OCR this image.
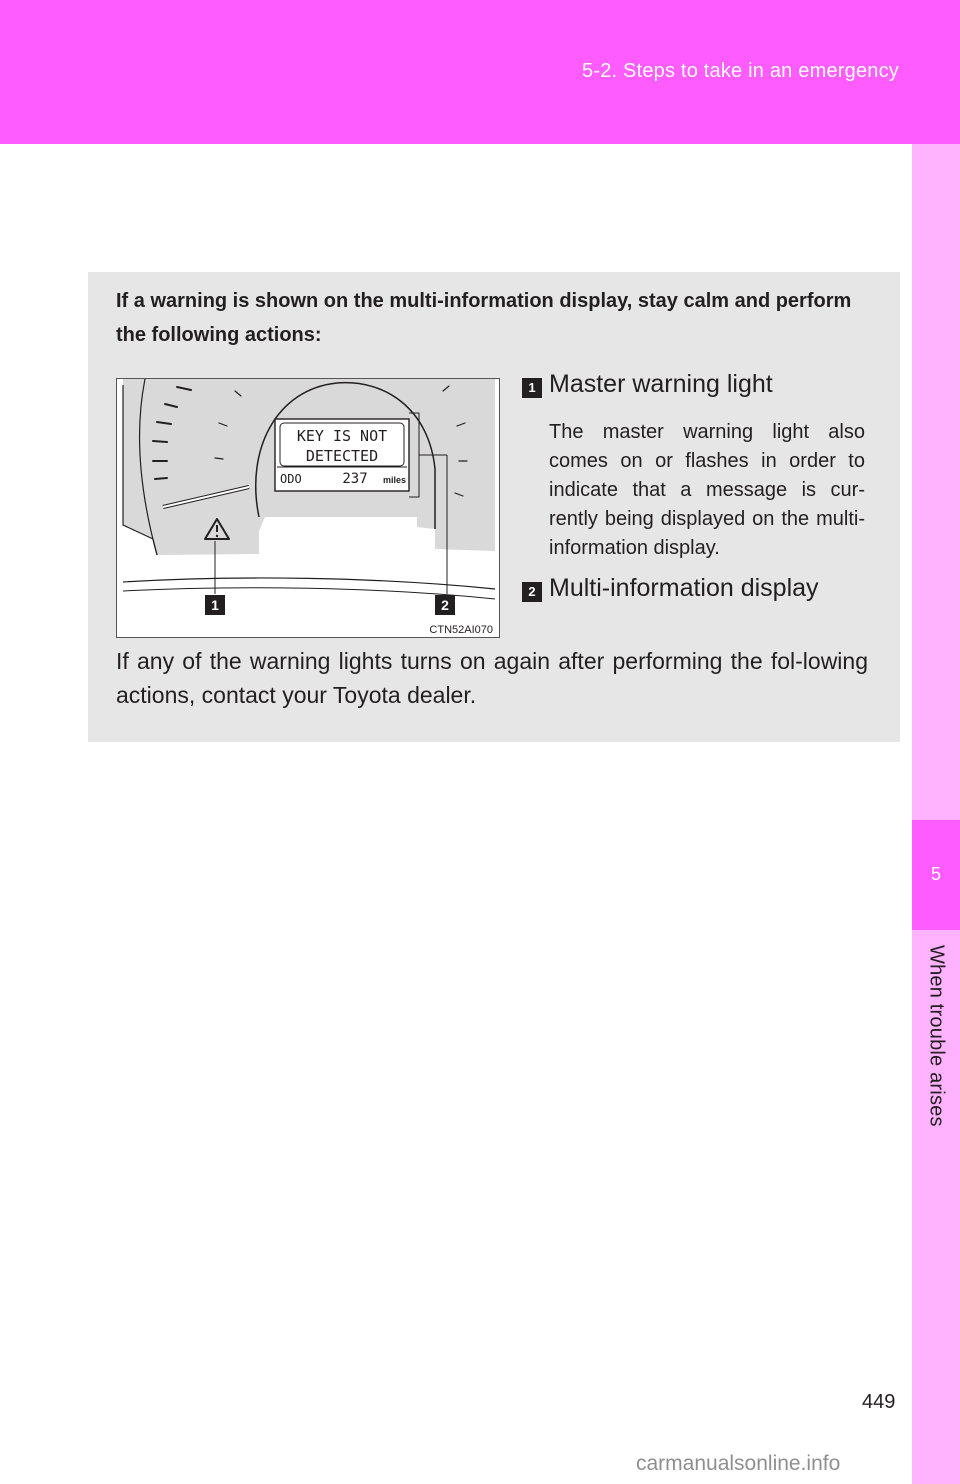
5-2. Steps to take in an emergency
5
When trouble arises
If a warning is shown on the multi-information display, stay calm and perform the following actions:
KEY IS NOT
DETECTED
ODO	237 miles
1	2
CTN52AI070
1 Master warning light
The master warning light also comes on or flashes in order to indicate that a message is cur-rently being displayed on the multi-information display.
2 Multi-information display
If any of the warning lights turns on again after performing the fol-lowing actions, contact your Toyota dealer.
449
carmanualsonline.info
